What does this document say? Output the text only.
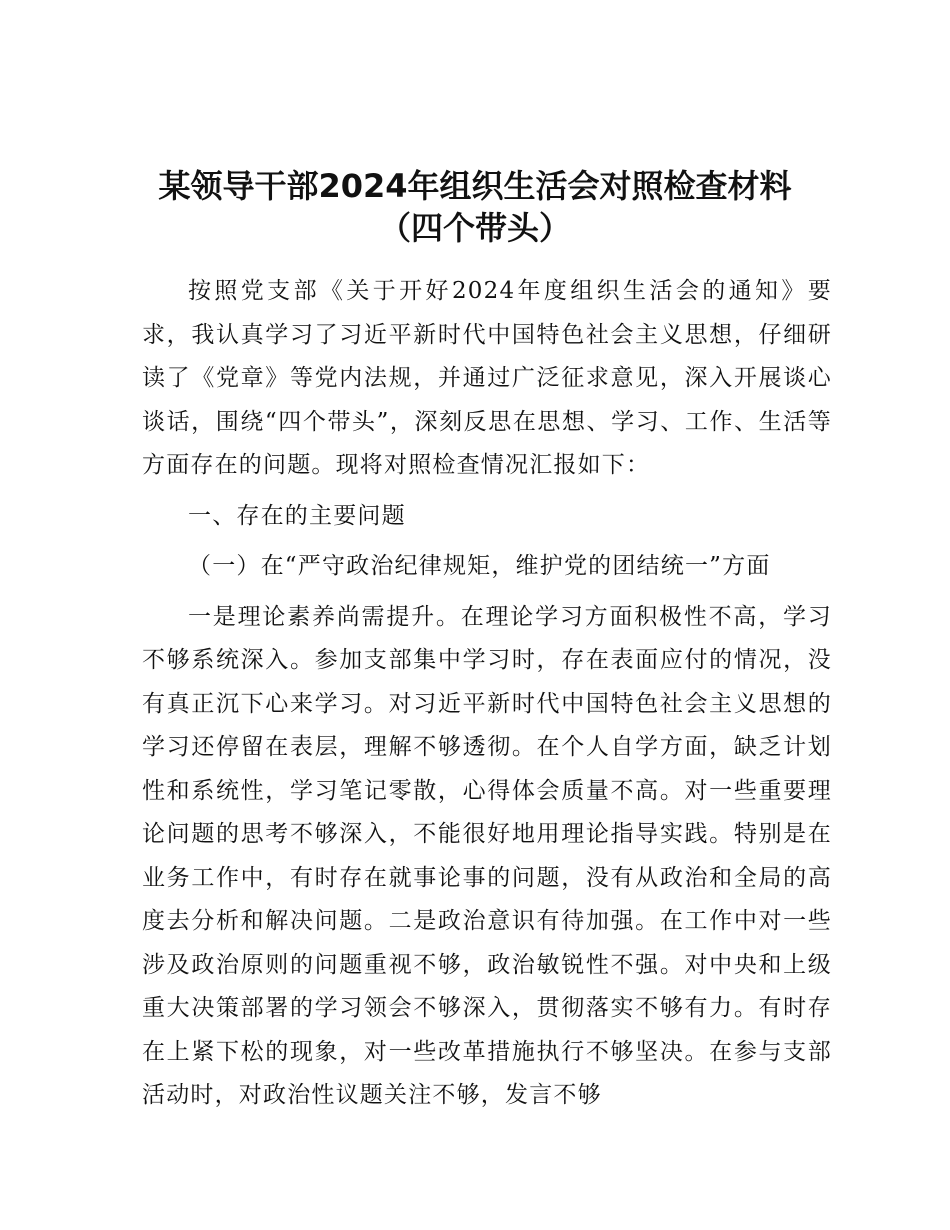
某领导干部2024年组织生活会对照检查材料
（四个带头）

按照党支部《关于开好2024年度组织生活会的通知》要求，我认真学习了习近平新时代中国特色社会主义思想，仔细研读了《党章》等党内法规，并通过广泛征求意见，深入开展谈心谈话，围绕“四个带头”，深刻反思在思想、学习、工作、生活等方面存在的问题。现将对照检查情况汇报如下：

一、存在的主要问题

（一）在“严守政治纪律规矩，维护党的团结统一”方面

一是理论素养尚需提升。在理论学习方面积极性不高，学习不够系统深入。参加支部集中学习时，存在表面应付的情况，没有真正沉下心来学习。对习近平新时代中国特色社会主义思想的学习还停留在表层，理解不够透彻。在个人自学方面，缺乏计划性和系统性，学习笔记零散，心得体会质量不高。对一些重要理论问题的思考不够深入，不能很好地用理论指导实践。特别是在业务工作中，有时存在就事论事的问题，没有从政治和全局的高度去分析和解决问题。二是政治意识有待加强。在工作中对一些涉及政治原则的问题重视不够，政治敏锐性不强。对中央和上级重大决策部署的学习领会不够深入，贯彻落实不够有力。有时存在上紧下松的现象，对一些改革措施执行不够坚决。在参与支部活动时，对政治性议题关注不够，发言不够
